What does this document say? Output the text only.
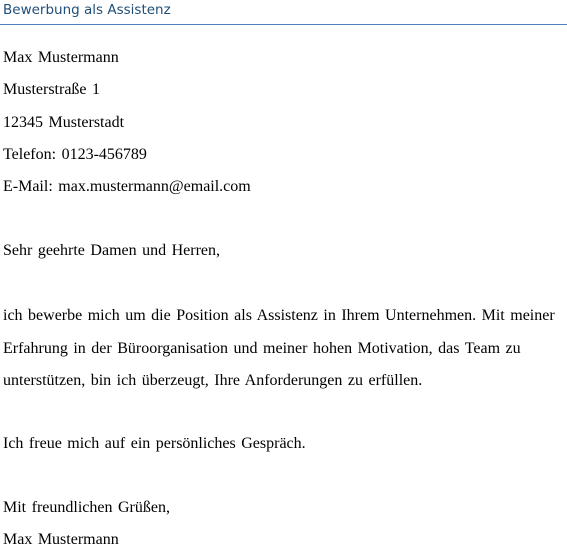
Bewerbung als Assistenz
Max Mustermann
Musterstraße 1
12345 Musterstadt
Telefon: 0123-456789
E-Mail: max.mustermann@email.com
Sehr geehrte Damen und Herren,
ich bewerbe mich um die Position als Assistenz in Ihrem Unternehmen. Mit meiner
Erfahrung in der Büroorganisation und meiner hohen Motivation, das Team zu
unterstützen, bin ich überzeugt, Ihre Anforderungen zu erfüllen.
Ich freue mich auf ein persönliches Gespräch.
Mit freundlichen Grüßen,
Max Mustermann
